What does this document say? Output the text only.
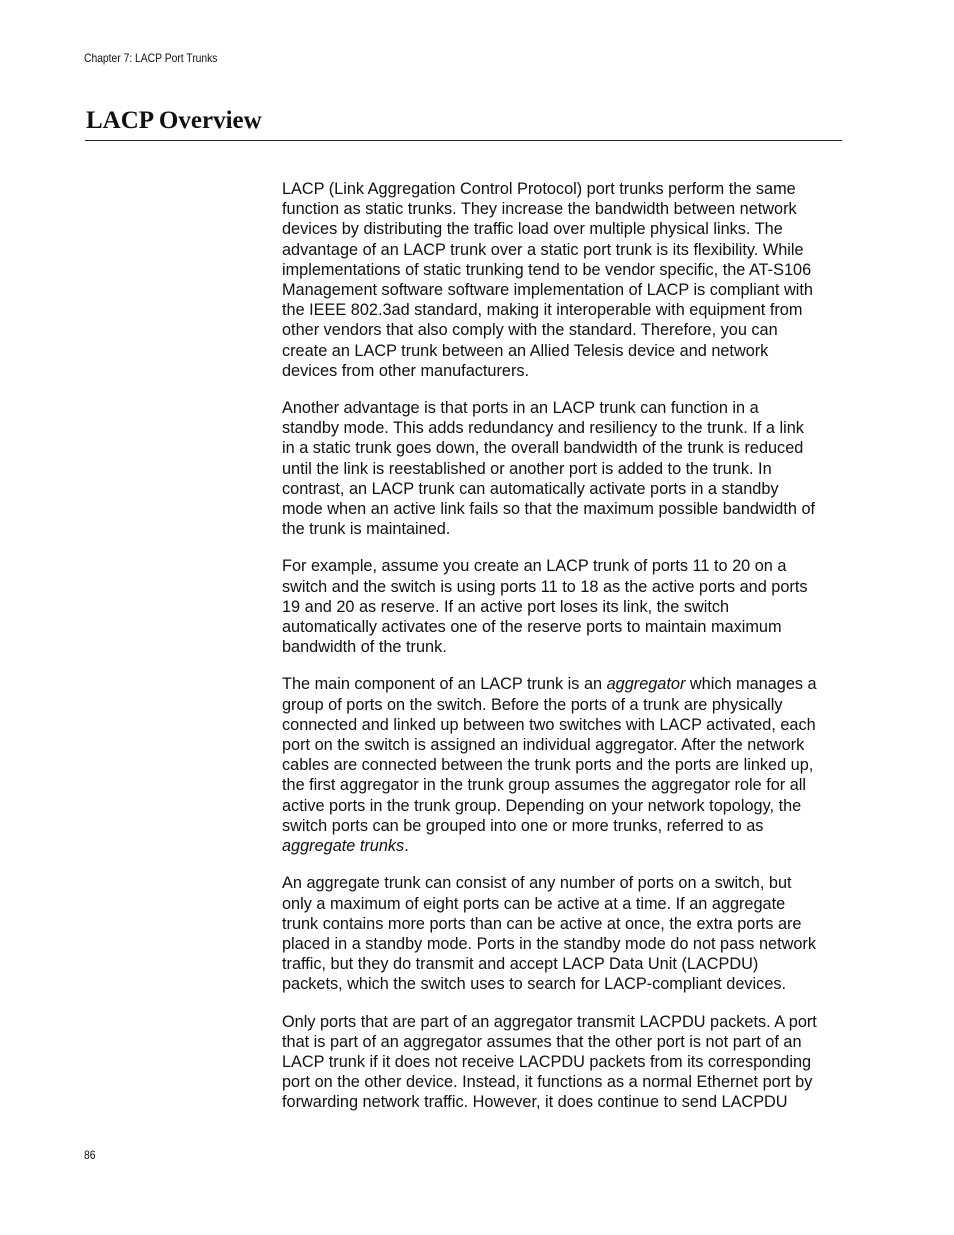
Chapter 7: LACP Port Trunks
LACP Overview

LACP (Link Aggregation Control Protocol) port trunks perform the same
function as static trunks. They increase the bandwidth between network
devices by distributing the traffic load over multiple physical links. The
advantage of an LACP trunk over a static port trunk is its flexibility. While
implementations of static trunking tend to be vendor specific, the AT-S106
Management software software implementation of LACP is compliant with
the IEEE 802.3ad standard, making it interoperable with equipment from
other vendors that also comply with the standard. Therefore, you can
create an LACP trunk between an Allied Telesis device and network
devices from other manufacturers.

Another advantage is that ports in an LACP trunk can function in a
standby mode. This adds redundancy and resiliency to the trunk. If a link
in a static trunk goes down, the overall bandwidth of the trunk is reduced
until the link is reestablished or another port is added to the trunk. In
contrast, an LACP trunk can automatically activate ports in a standby
mode when an active link fails so that the maximum possible bandwidth of
the trunk is maintained.

For example, assume you create an LACP trunk of ports 11 to 20 on a
switch and the switch is using ports 11 to 18 as the active ports and ports
19 and 20 as reserve. If an active port loses its link, the switch
automatically activates one of the reserve ports to maintain maximum
bandwidth of the trunk.

The main component of an LACP trunk is an aggregator which manages a
group of ports on the switch. Before the ports of a trunk are physically
connected and linked up between two switches with LACP activated, each
port on the switch is assigned an individual aggregator. After the network
cables are connected between the trunk ports and the ports are linked up,
the first aggregator in the trunk group assumes the aggregator role for all
active ports in the trunk group. Depending on your network topology, the
switch ports can be grouped into one or more trunks, referred to as
aggregate trunks.

An aggregate trunk can consist of any number of ports on a switch, but
only a maximum of eight ports can be active at a time. If an aggregate
trunk contains more ports than can be active at once, the extra ports are
placed in a standby mode. Ports in the standby mode do not pass network
traffic, but they do transmit and accept LACP Data Unit (LACPDU)
packets, which the switch uses to search for LACP-compliant devices.

Only ports that are part of an aggregator transmit LACPDU packets. A port
that is part of an aggregator assumes that the other port is not part of an
LACP trunk if it does not receive LACPDU packets from its corresponding
port on the other device. Instead, it functions as a normal Ethernet port by
forwarding network traffic. However, it does continue to send LACPDU

86
